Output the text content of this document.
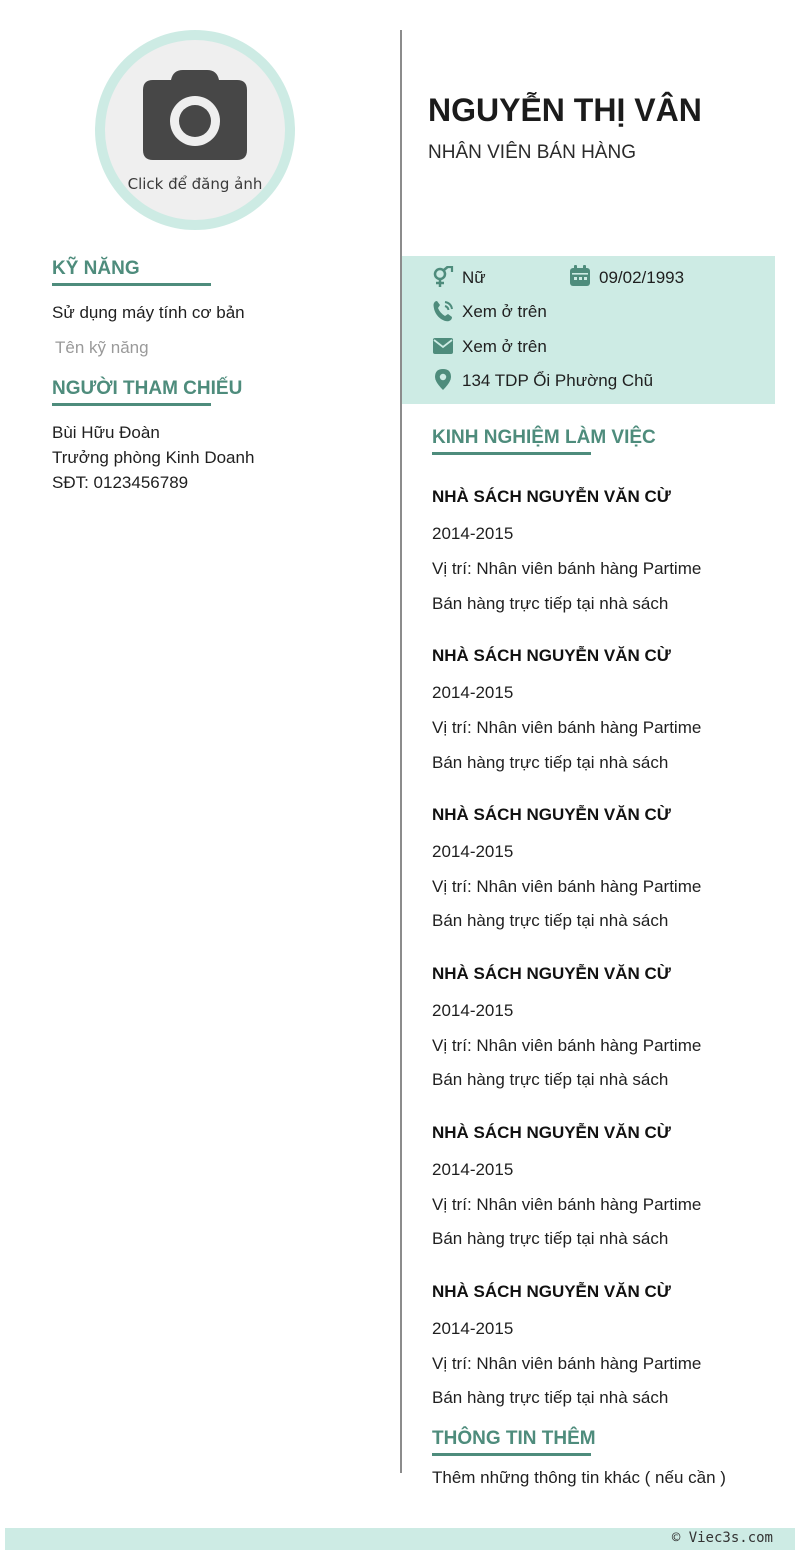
Click để đăng ảnh
KỸ NĂNG
Sử dụng máy tính cơ bản
Tên kỹ năng
NGƯỜI THAM CHIẾU
Bùi Hữu Đoàn
Trưởng phòng Kinh Doanh
SĐT: 0123456789
NGUYỄN THỊ VÂN
NHÂN VIÊN BÁN HÀNG
Nữ	09/02/1993
Xem ở trên
Xem ở trên
134 TDP Ổi Phường Chũ
KINH NGHIỆM LÀM VIỆC
NHÀ SÁCH NGUYỄN VĂN CỪ
2014-2015
Vị trí: Nhân viên bánh hàng Partime
Bán hàng trực tiếp tại nhà sách
NHÀ SÁCH NGUYỄN VĂN CỪ
2014-2015
Vị trí: Nhân viên bánh hàng Partime
Bán hàng trực tiếp tại nhà sách
NHÀ SÁCH NGUYỄN VĂN CỪ
2014-2015
Vị trí: Nhân viên bánh hàng Partime
Bán hàng trực tiếp tại nhà sách
NHÀ SÁCH NGUYỄN VĂN CỪ
2014-2015
Vị trí: Nhân viên bánh hàng Partime
Bán hàng trực tiếp tại nhà sách
NHÀ SÁCH NGUYỄN VĂN CỪ
2014-2015
Vị trí: Nhân viên bánh hàng Partime
Bán hàng trực tiếp tại nhà sách
NHÀ SÁCH NGUYỄN VĂN CỪ
2014-2015
Vị trí: Nhân viên bánh hàng Partime
Bán hàng trực tiếp tại nhà sách
THÔNG TIN THÊM
Thêm những thông tin khác ( nếu cần )
© Viec3s.com
